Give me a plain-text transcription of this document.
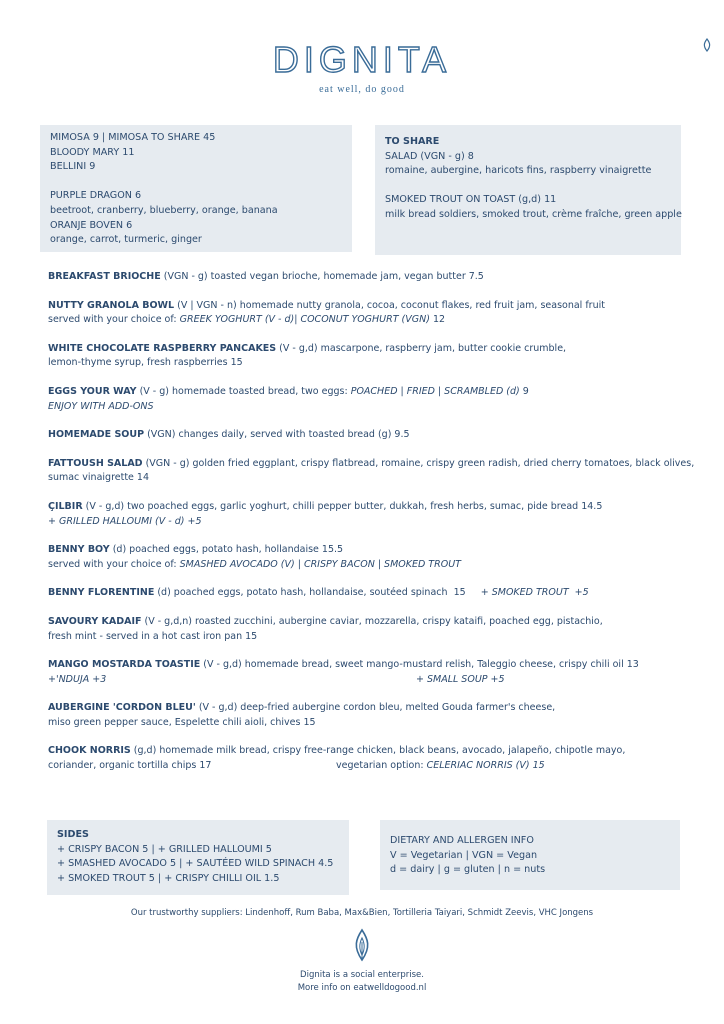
DIGNITA
eat well, do good

MIMOSA 9 | MIMOSA TO SHARE 45

BLOODY MARY 11

BELLINI 9

PURPLE DRAGON 6

beetroot, cranberry, blueberry, orange, banana

ORANJE BOVEN 6

orange, carrot, turmeric, ginger

TO SHARE

SALAD (VGN - g) 8

romaine, aubergine, haricots fins, raspberry vinaigrette

SMOKED TROUT ON TOAST (g,d) 11

milk bread soldiers, smoked trout, crème fraîche, green apple

BREAKFAST BRIOCHE (VGN - g) toasted vegan brioche, homemade jam, vegan butter 7.5
NUTTY GRANOLA BOWL (V | VGN - n) homemade nutty granola, cocoa, coconut flakes, red fruit jam, seasonal fruit
served with your choice of: GREEK YOGHURT (V - d)| COCONUT YOGHURT (VGN) 12
WHITE CHOCOLATE RASPBERRY PANCAKES (V - g,d) mascarpone, raspberry jam, butter cookie crumble,
lemon-thyme syrup, fresh raspberries 15
EGGS YOUR WAY (V - g) homemade toasted bread, two eggs: POACHED | FRIED | SCRAMBLED (d) 9
ENJOY WITH ADD-ONS
HOMEMADE SOUP (VGN) changes daily, served with toasted bread (g) 9.5
FATTOUSH SALAD (VGN - g) golden fried eggplant, crispy flatbread, romaine, crispy green radish, dried cherry tomatoes, black olives,
sumac vinaigrette 14
ÇILBIR (V - g,d) two poached eggs, garlic yoghurt, chilli pepper butter, dukkah, fresh herbs, sumac, pide bread 14.5
+ GRILLED HALLOUMI (V - d) +5
BENNY BOY (d) poached eggs, potato hash, hollandaise 15.5
served with your choice of: SMASHED AVOCADO (V) | CRISPY BACON | SMOKED TROUT
BENNY FLORENTINE (d) poached eggs, potato hash, hollandaise, soutéed spinach  15     + SMOKED TROUT  +5
SAVOURY KADAIF (V - g,d,n) roasted zucchini, aubergine caviar, mozzarella, crispy kataifi, poached egg, pistachio,
fresh mint - served in a hot cast iron pan 15
MANGO MOSTARDA TOASTIE (V - g,d) homemade bread, sweet mango-mustard relish, Taleggio cheese, crispy chili oil 13
+'NDUJA +3	+ SMALL SOUP +5
AUBERGINE 'CORDON BLEU' (V - g,d) deep-fried aubergine cordon bleu, melted Gouda farmer's cheese,
miso green pepper sauce, Espelette chili aioli, chives 15
CHOOK NORRIS (g,d) homemade milk bread, crispy free-range chicken, black beans, avocado, jalapeño, chipotle mayo,
coriander, organic tortilla chips 17	vegetarian option: CELERIAC NORRIS (V) 15

SIDES

+ CRISPY BACON 5 | + GRILLED HALLOUMI 5

+ SMASHED AVOCADO 5 | + SAUTÉED WILD SPINACH 4.5

+ SMOKED TROUT 5 | + CRISPY CHILLI OIL 1.5

DIETARY AND ALLERGEN INFO

V = Vegetarian | VGN = Vegan

d = dairy | g = gluten | n = nuts

Our trustworthy suppliers: Lindenhoff, Rum Baba, Max&Bien, Tortilleria Taiyari, Schmidt Zeevis, VHC Jongens
Dignita is a social enterprise.
More info on eatwelldogood.nl
